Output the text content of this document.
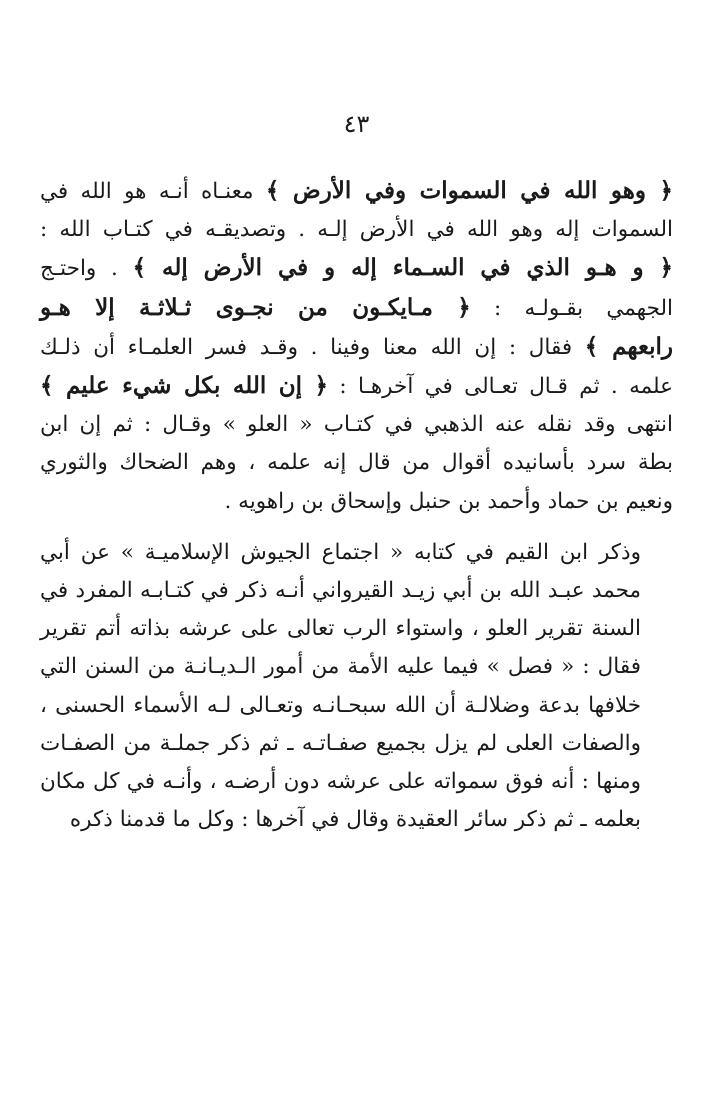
٤٣
﴿ وهو الله في السموات وفي الأرض ﴾ معنـاه أنـه هو الله في
السموات إله وهو الله في الأرض إلـه . وتصديقـه في كتـاب الله :
﴿ و هـو الذي في السـماء إله و في الأرض إله ﴾ . واحتـج
الجهمي بقـولـه : ﴿ مـايكـون من نجـوى ثـلاثـة إلا هـو
رابعهم ﴾ فقال : إن الله معنا وفينا . وقـد فسر العلمـاء أن ذلـك
علمه . ثم قـال تعـالى في آخرهـا : ﴿ إن الله بكل شيء عليم ﴾
انتهى وقد نقله عنه الذهبي في كتـاب « العلو » وقـال : ثم إن ابن
بطة سرد بأسانيده أقوال من قال إنه علمه ، وهم الضحاك والثوري
ونعيم بن حماد وأحمد بن حنبل وإسحاق بن راهويه .
وذكر ابن القيم في كتابه « اجتماع الجيوش الإسلاميـة » عن أبي
محمد عبـد الله بن أبي زيـد القيرواني أنـه ذكر في كتـابـه المفرد في
السنة تقرير العلو ، واستواء الرب تعالى على عرشه بذاته أتم تقرير
فقال : « فصل » فيما عليه الأمة من أمور الـديـانـة من السنن التي
خلافها بدعة وضلالـة أن الله سبحـانـه وتعـالى لـه الأسماء الحسنى ،
والصفات العلى لم يزل بجميع صفـاتـه ـ ثم ذكر جملـة من الصفـات
ومنها : أنه فوق سمواته على عرشه دون أرضـه ، وأنـه في كل مكان
بعلمه ـ ثم ذكر سائر العقيدة وقال في آخرها : وكل ما قدمنا ذكره
